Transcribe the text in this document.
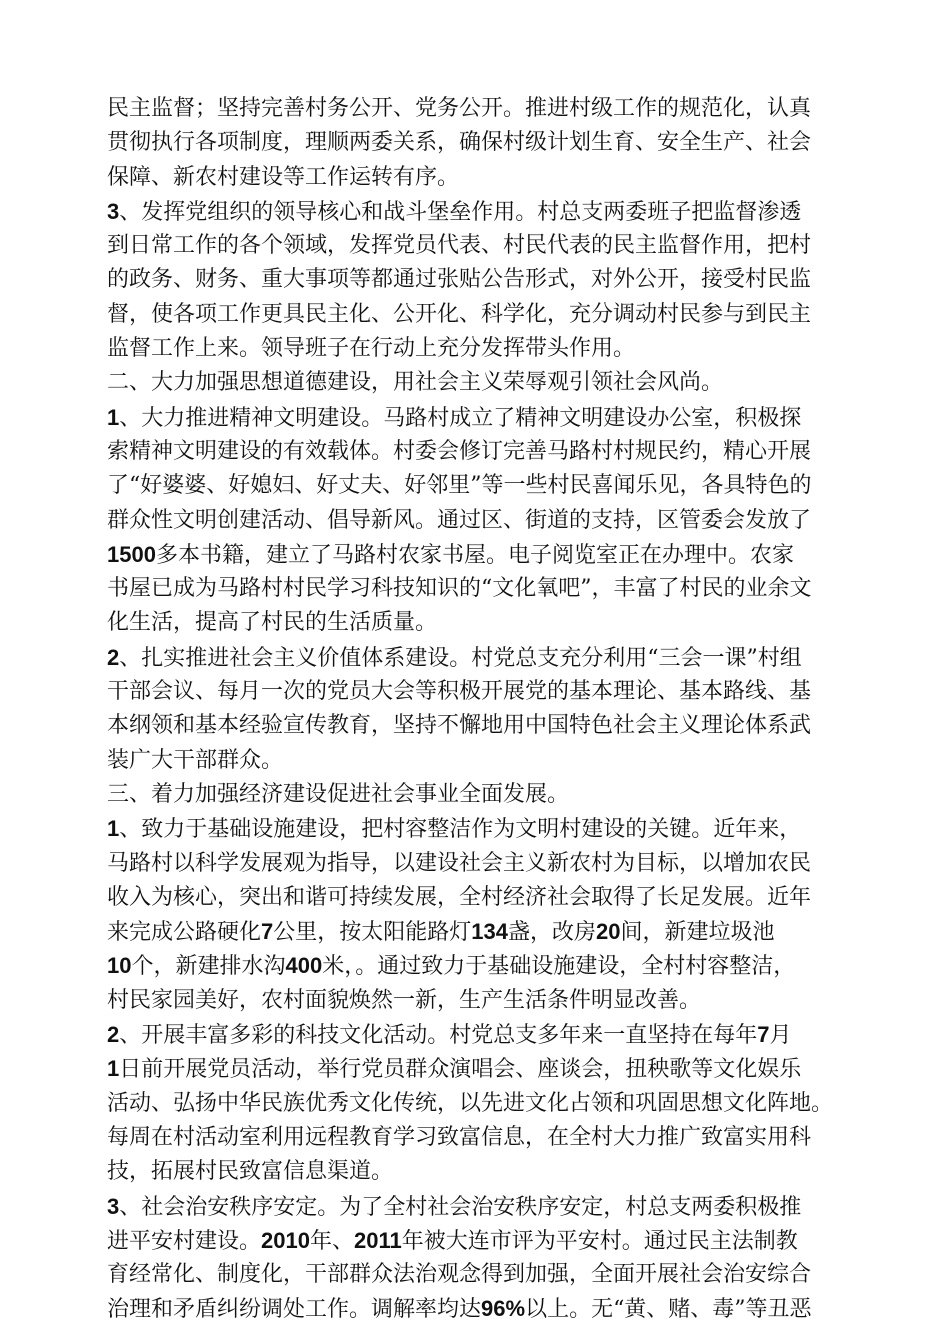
民主监督；坚持完善村务公开、党务公开。推进村级工作的规范化，认真
贯彻执行各项制度，理顺两委关系，确保村级计划生育、安全生产、社会
保障、新农村建设等工作运转有序。
3、发挥党组织的领导核心和战斗堡垒作用。村总支两委班子把监督渗透
到日常工作的各个领域，发挥党员代表、村民代表的民主监督作用，把村
的政务、财务、重大事项等都通过张贴公告形式，对外公开，接受村民监
督，使各项工作更具民主化、公开化、科学化，充分调动村民参与到民主
监督工作上来。领导班子在行动上充分发挥带头作用。
二、大力加强思想道德建设，用社会主义荣辱观引领社会风尚。
1、大力推进精神文明建设。马路村成立了精神文明建设办公室，积极探
索精神文明建设的有效载体。村委会修订完善马路村村规民约，精心开展
了“好婆婆、好媳妇、好丈夫、好邻里”等一些村民喜闻乐见，各具特色的
群众性文明创建活动、倡导新风。通过区、街道的支持，区管委会发放了
1500多本书籍，建立了马路村农家书屋。电子阅览室正在办理中。农家
书屋已成为马路村村民学习科技知识的“文化氧吧”，丰富了村民的业余文
化生活，提高了村民的生活质量。
2、扎实推进社会主义价值体系建设。村党总支充分利用“三会一课”村组
干部会议、每月一次的党员大会等积极开展党的基本理论、基本路线、基
本纲领和基本经验宣传教育，坚持不懈地用中国特色社会主义理论体系武
装广大干部群众。
三、着力加强经济建设促进社会事业全面发展。
1、致力于基础设施建设，把村容整洁作为文明村建设的关键。近年来，
马路村以科学发展观为指导，以建设社会主义新农村为目标，以增加农民
收入为核心，突出和谐可持续发展，全村经济社会取得了长足发展。近年
来完成公路硬化7公里，按太阳能路灯134盏，改房20间，新建垃圾池
10个，新建排水沟400米，。通过致力于基础设施建设，全村村容整洁，
村民家园美好，农村面貌焕然一新，生产生活条件明显改善。
2、开展丰富多彩的科技文化活动。村党总支多年来一直坚持在每年7月
1日前开展党员活动，举行党员群众演唱会、座谈会，扭秧歌等文化娱乐
活动、弘扬中华民族优秀文化传统，以先进文化占领和巩固思想文化阵地。
每周在村活动室利用远程教育学习致富信息，在全村大力推广致富实用科
技，拓展村民致富信息渠道。
3、社会治安秩序安定。为了全村社会治安秩序安定，村总支两委积极推
进平安村建设。2010年、2011年被大连市评为平安村。通过民主法制教
育经常化、制度化，干部群众法治观念得到加强，全面开展社会治安综合
治理和矛盾纠纷调处工作。调解率均达96%以上。无“黄、赌、毒”等丑恶
